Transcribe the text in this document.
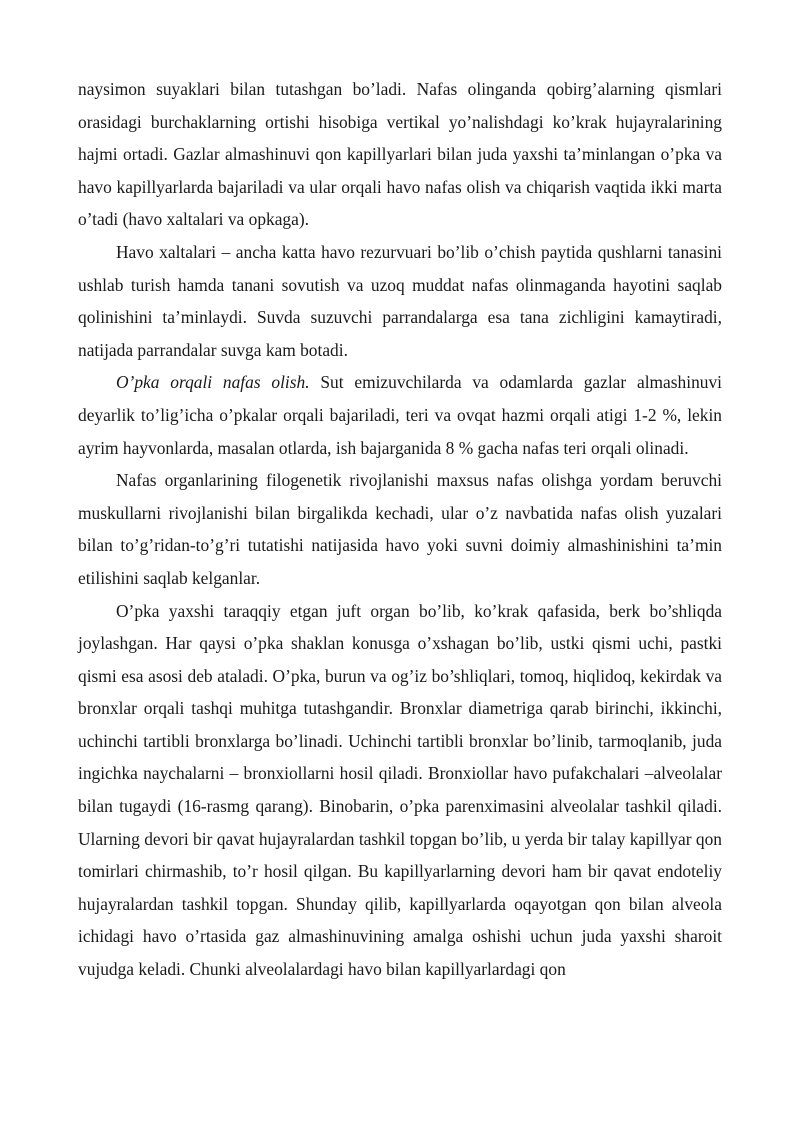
naysimon suyaklari bilan tutashgan bo’ladi. Nafas olinganda qobirg’alarning qismlari orasidagi burchaklarning ortishi hisobiga vertikal yo’nalishdagi ko’krak hujayralarining hajmi ortadi. Gazlar almashinuvi qon kapillyarlari bilan juda yaxshi ta’minlangan o’pka va havo kapillyarlarda bajariladi va ular orqali havo nafas olish va chiqarish vaqtida ikki marta o’tadi (havo xaltalari va opkaga).

Havo xaltalari – ancha katta havo rezurvuari bo’lib o’chish paytida qushlarni tanasini ushlab turish hamda tanani sovutish va uzoq muddat nafas olinmaganda hayotini saqlab qolinishini ta’minlaydi. Suvda suzuvchi parrandalarga esa tana zichligini kamaytiradi, natijada parrandalar suvga kam botadi.

O’pka orqali nafas olish. Sut emizuvchilarda va odamlarda gazlar almashinuvi deyarlik to’lig’icha o’pkalar orqali bajariladi, teri va ovqat hazmi orqali atigi 1-2 %, lekin ayrim hayvonlarda, masalan otlarda, ish bajarganida 8 % gacha nafas teri orqali olinadi.

Nafas organlarining filogenetik rivojlanishi maxsus nafas olishga yordam beruvchi muskullarni rivojlanishi bilan birgalikda kechadi, ular o’z navbatida nafas olish yuzalari bilan to’g’ridan-to’g’ri tutatishi natijasida havo yoki suvni doimiy almashinishini ta’min etilishini saqlab kelganlar.

O’pka yaxshi taraqqiy etgan juft organ bo’lib, ko’krak qafasida, berk bo’shliqda joylashgan. Har qaysi o’pka shaklan konusga o’xshagan bo’lib, ustki qismi uchi, pastki qismi esa asosi deb ataladi. O’pka, burun va og’iz bo’shliqlari, tomoq, hiqlidoq, kekirdak va bronxlar orqali tashqi muhitga tutashgandir. Bronxlar diametriga qarab birinchi, ikkinchi, uchinchi tartibli bronxlarga bo’linadi. Uchinchi tartibli bronxlar bo’linib, tarmoqlanib, juda ingichka naychalarni – bronxiollarni hosil qiladi. Bronxiollar havo pufakchalari –alveolalar bilan tugaydi (16-rasmg qarang). Binobarin, o’pka parenximasini alveolalar tashkil qiladi. Ularning devori bir qavat hujayralardan tashkil topgan bo’lib, u yerda bir talay kapillyar qon tomirlari chirmashib, to’r hosil qilgan. Bu kapillyarlarning devori ham bir qavat endoteliy hujayralardan tashkil topgan. Shunday qilib, kapillyarlarda oqayotgan qon bilan alveola ichidagi havo o’rtasida gaz almashinuvining amalga oshishi uchun juda yaxshi sharoit vujudga keladi. Chunki alveolalardagi havo bilan kapillyarlardagi qon
